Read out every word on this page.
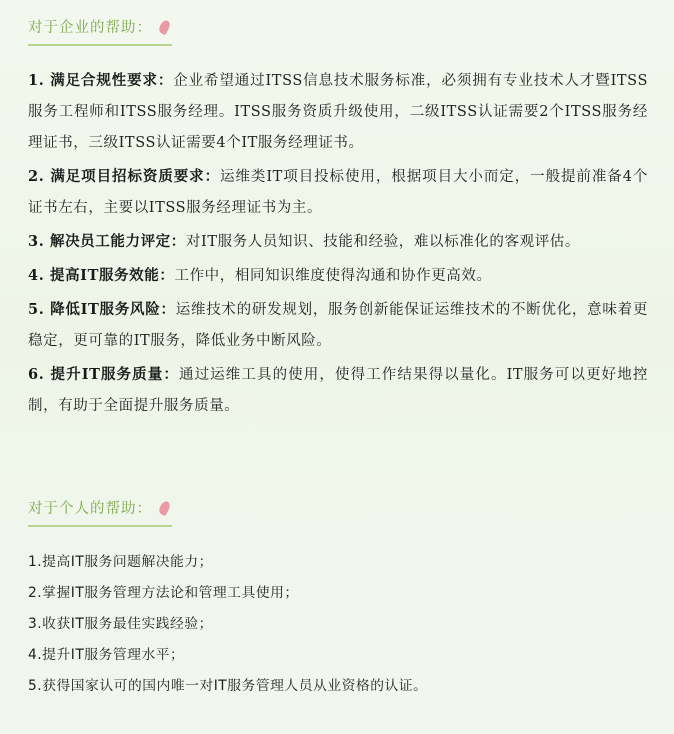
对于企业的帮助：

1. 满足合规性要求：企业希望通过ITSS信息技术服务标准，必须拥有专业技术人才暨ITSS服务工程师和ITSS服务经理。ITSS服务资质升级使用，二级ITSS认证需要2个ITSS服务经理证书，三级ITSS认证需要4个IT服务经理证书。

2. 满足项目招标资质要求：运维类IT项目投标使用，根据项目大小而定，一般提前准备4个证书左右，主要以ITSS服务经理证书为主。

3. 解决员工能力评定：对IT服务人员知识、技能和经验，难以标准化的客观评估。

4. 提高IT服务效能：工作中，相同知识维度使得沟通和协作更高效。

5. 降低IT服务风险：运维技术的研发规划，服务创新能保证运维技术的不断优化，意味着更稳定，更可靠的IT服务，降低业务中断风险。

6. 提升IT服务质量：通过运维工具的使用，使得工作结果得以量化。IT服务可以更好地控制，有助于全面提升服务质量。

对于个人的帮助：
1.提高IT服务问题解决能力；
2.掌握IT服务管理方法论和管理工具使用；
3.收获IT服务最佳实践经验；
4.提升IT服务管理水平；
5.获得国家认可的国内唯一对IT服务管理人员从业资格的认证。
